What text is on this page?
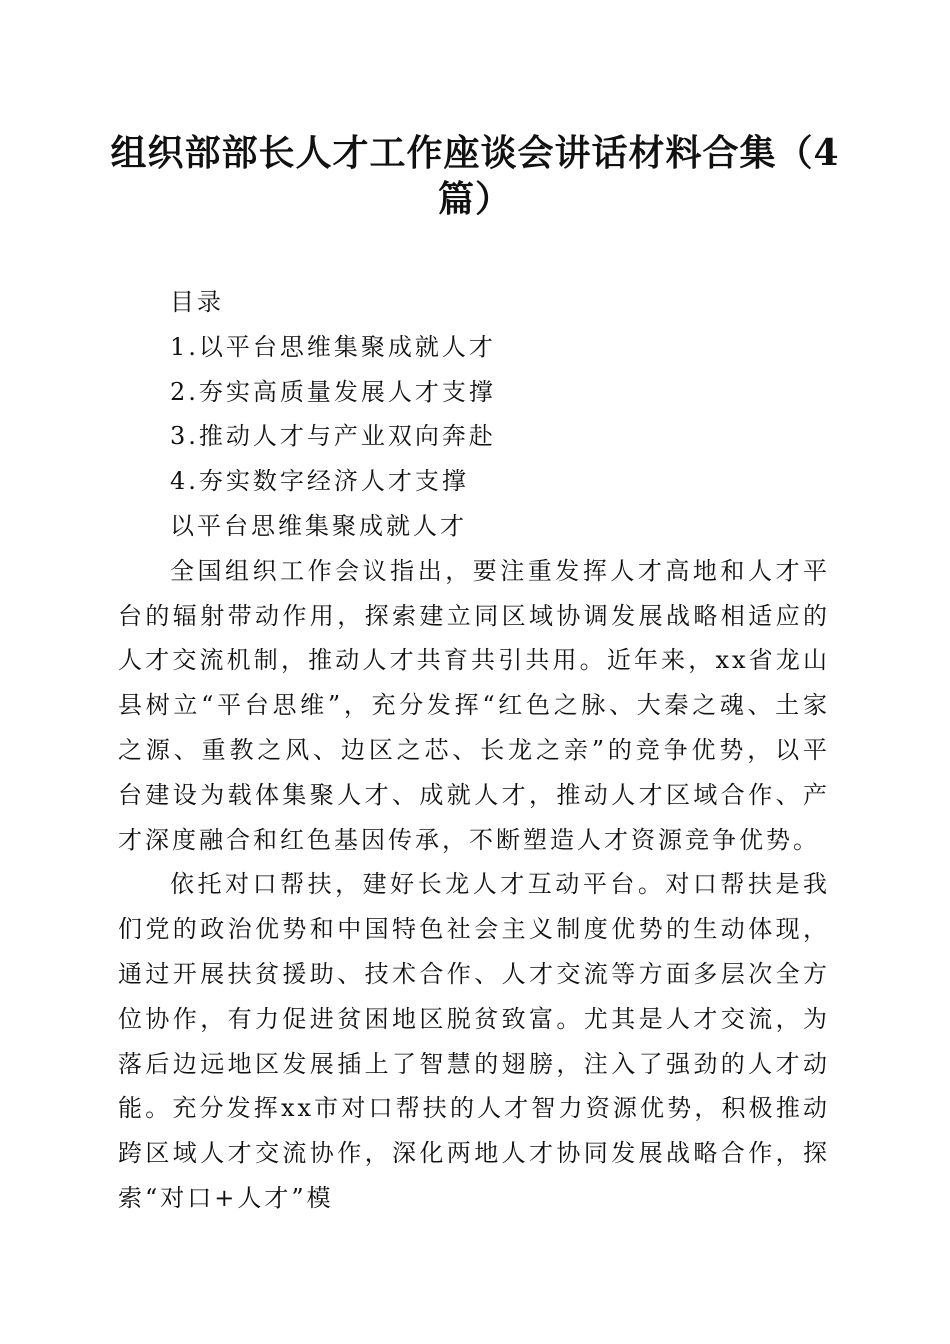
组织部部长人才工作座谈会讲话材料合集（4
篇）

目录

1.以平台思维集聚成就人才

2.夯实高质量发展人才支撑

3.推动人才与产业双向奔赴

4.夯实数字经济人才支撑

以平台思维集聚成就人才

全国组织工作会议指出，要注重发挥人才高地和人才平台的辐射带动作用，探索建立同区域协调发展战略相适应的人才交流机制，推动人才共育共引共用。近年来，xx省龙山县树立“平台思维”，充分发挥“红色之脉、大秦之魂、土家之源、重教之风、边区之芯、长龙之亲”的竞争优势，以平台建设为载体集聚人才、成就人才，推动人才区域合作、产才深度融合和红色基因传承，不断塑造人才资源竞争优势。

依托对口帮扶，建好长龙人才互动平台。对口帮扶是我们党的政治优势和中国特色社会主义制度优势的生动体现，通过开展扶贫援助、技术合作、人才交流等方面多层次全方位协作，有力促进贫困地区脱贫致富。尤其是人才交流，为落后边远地区发展插上了智慧的翅膀，注入了强劲的人才动能。充分发挥xx市对口帮扶的人才智力资源优势，积极推动跨区域人才交流协作，深化两地人才协同发展战略合作，探索“对口+人才”模
